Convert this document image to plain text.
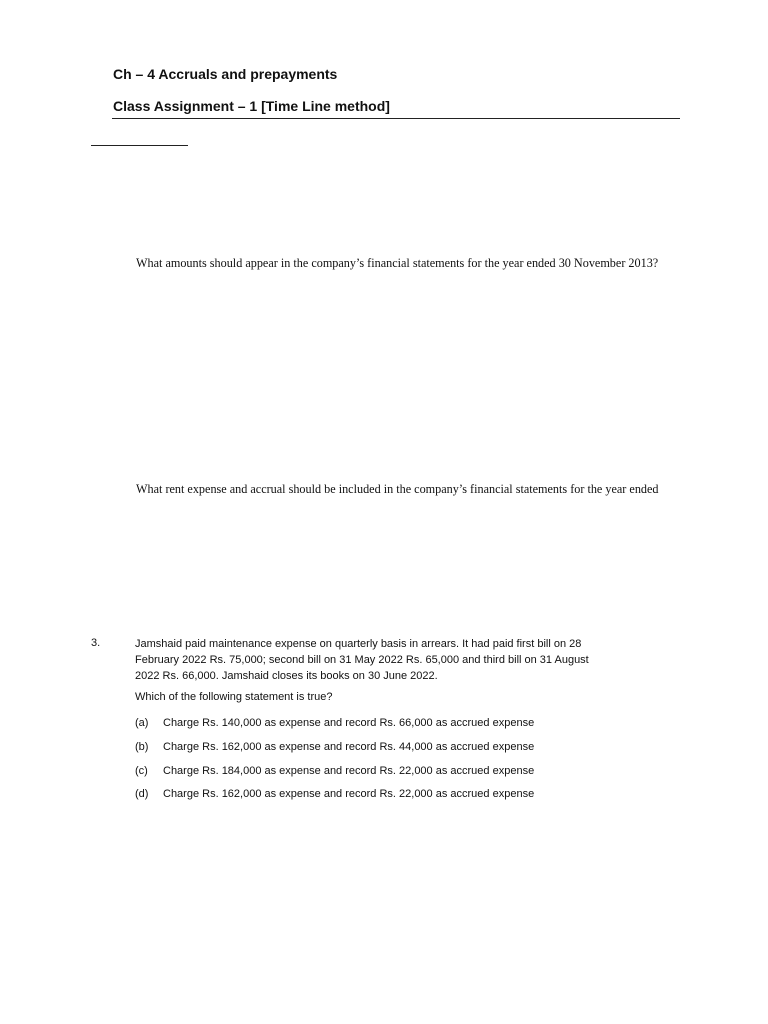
Ch – 4 Accruals and prepayments
Class Assignment – 1 [Time Line method]
What amounts should appear in the company’s financial statements for the year ended 30 November 2013?
What rent expense and accrual should be included in the company’s financial statements for the year ended
3.	Jamshaid paid maintenance expense on quarterly basis in arrears. It had paid first bill on 28 February 2022 Rs. 75,000; second bill on 31 May 2022 Rs. 65,000 and third bill on 31 August 2022 Rs. 66,000. Jamshaid closes its books on 30 June 2022.
Which of the following statement is true?
(a) Charge Rs. 140,000 as expense and record Rs. 66,000 as accrued expense
(b) Charge Rs. 162,000 as expense and record Rs. 44,000 as accrued expense
(c) Charge Rs. 184,000 as expense and record Rs. 22,000 as accrued expense
(d) Charge Rs. 162,000 as expense and record Rs. 22,000 as accrued expense
